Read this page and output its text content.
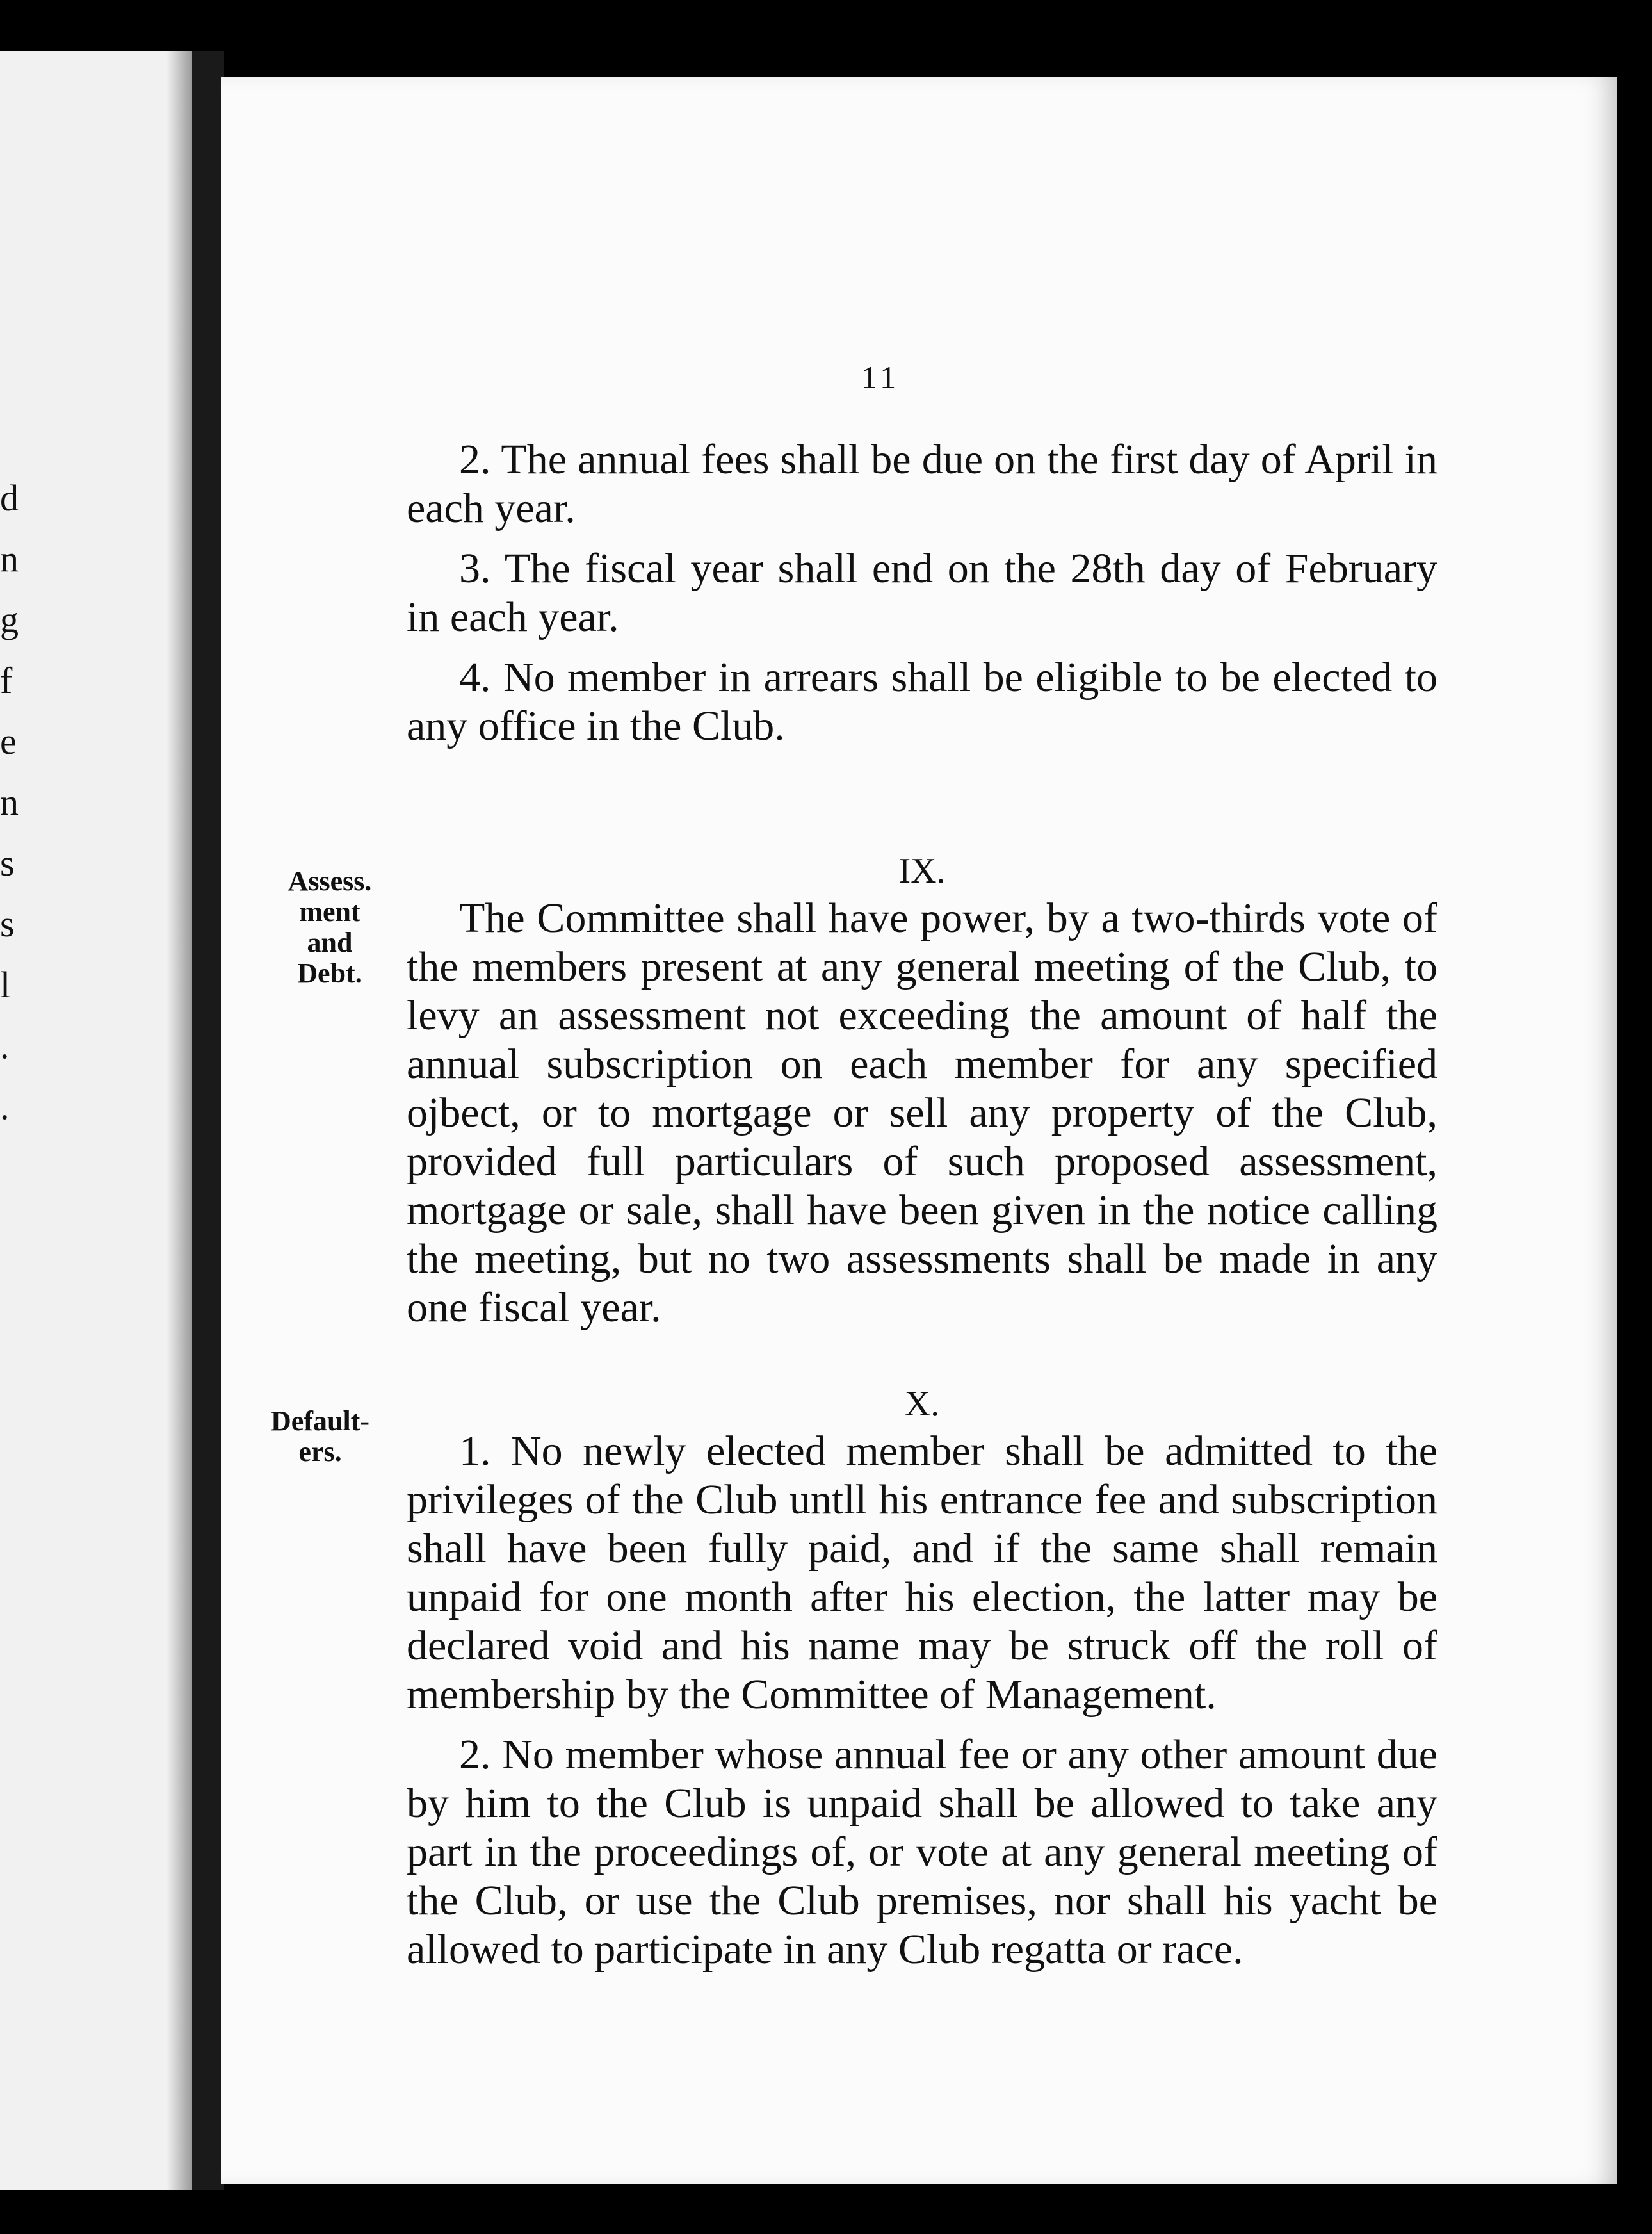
d
n
g
f
e
n
s
s
l
.
.
11

2. The annual fees shall be due on the first day of April in each year.

3. The fiscal year shall end on the 28th day of February in each year.

4. No member in arrears shall be eligible to be elected to any office in the Club.

Assess.
ment
and
Debt.
IX.

The Committee shall have power, by a two-thirds vote of the members present at any general meeting of the Club, to levy an assessment not exceeding the amount of half the annual subscription on each member for any specified ojbect, or to mortgage or sell any property of the Club, provided full particulars of such proposed assessment, mortgage or sale, shall have been given in the notice calling the meeting, but no two assessments shall be made in any one fiscal year.

Default-
ers.
X.

1. No newly elected member shall be admitted to the privileges of the Club untll his entrance fee and subscription shall have been fully paid, and if the same shall remain unpaid for one month after his election, the latter may be declared void and his name may be struck off the roll of membership by the Committee of Management.

2. No member whose annual fee or any other amount due by him to the Club is unpaid shall be allowed to take any part in the proceedings of, or vote at any general meeting of the Club, or use the Club premises, nor shall his yacht be allowed to participate in any Club regatta or race.
